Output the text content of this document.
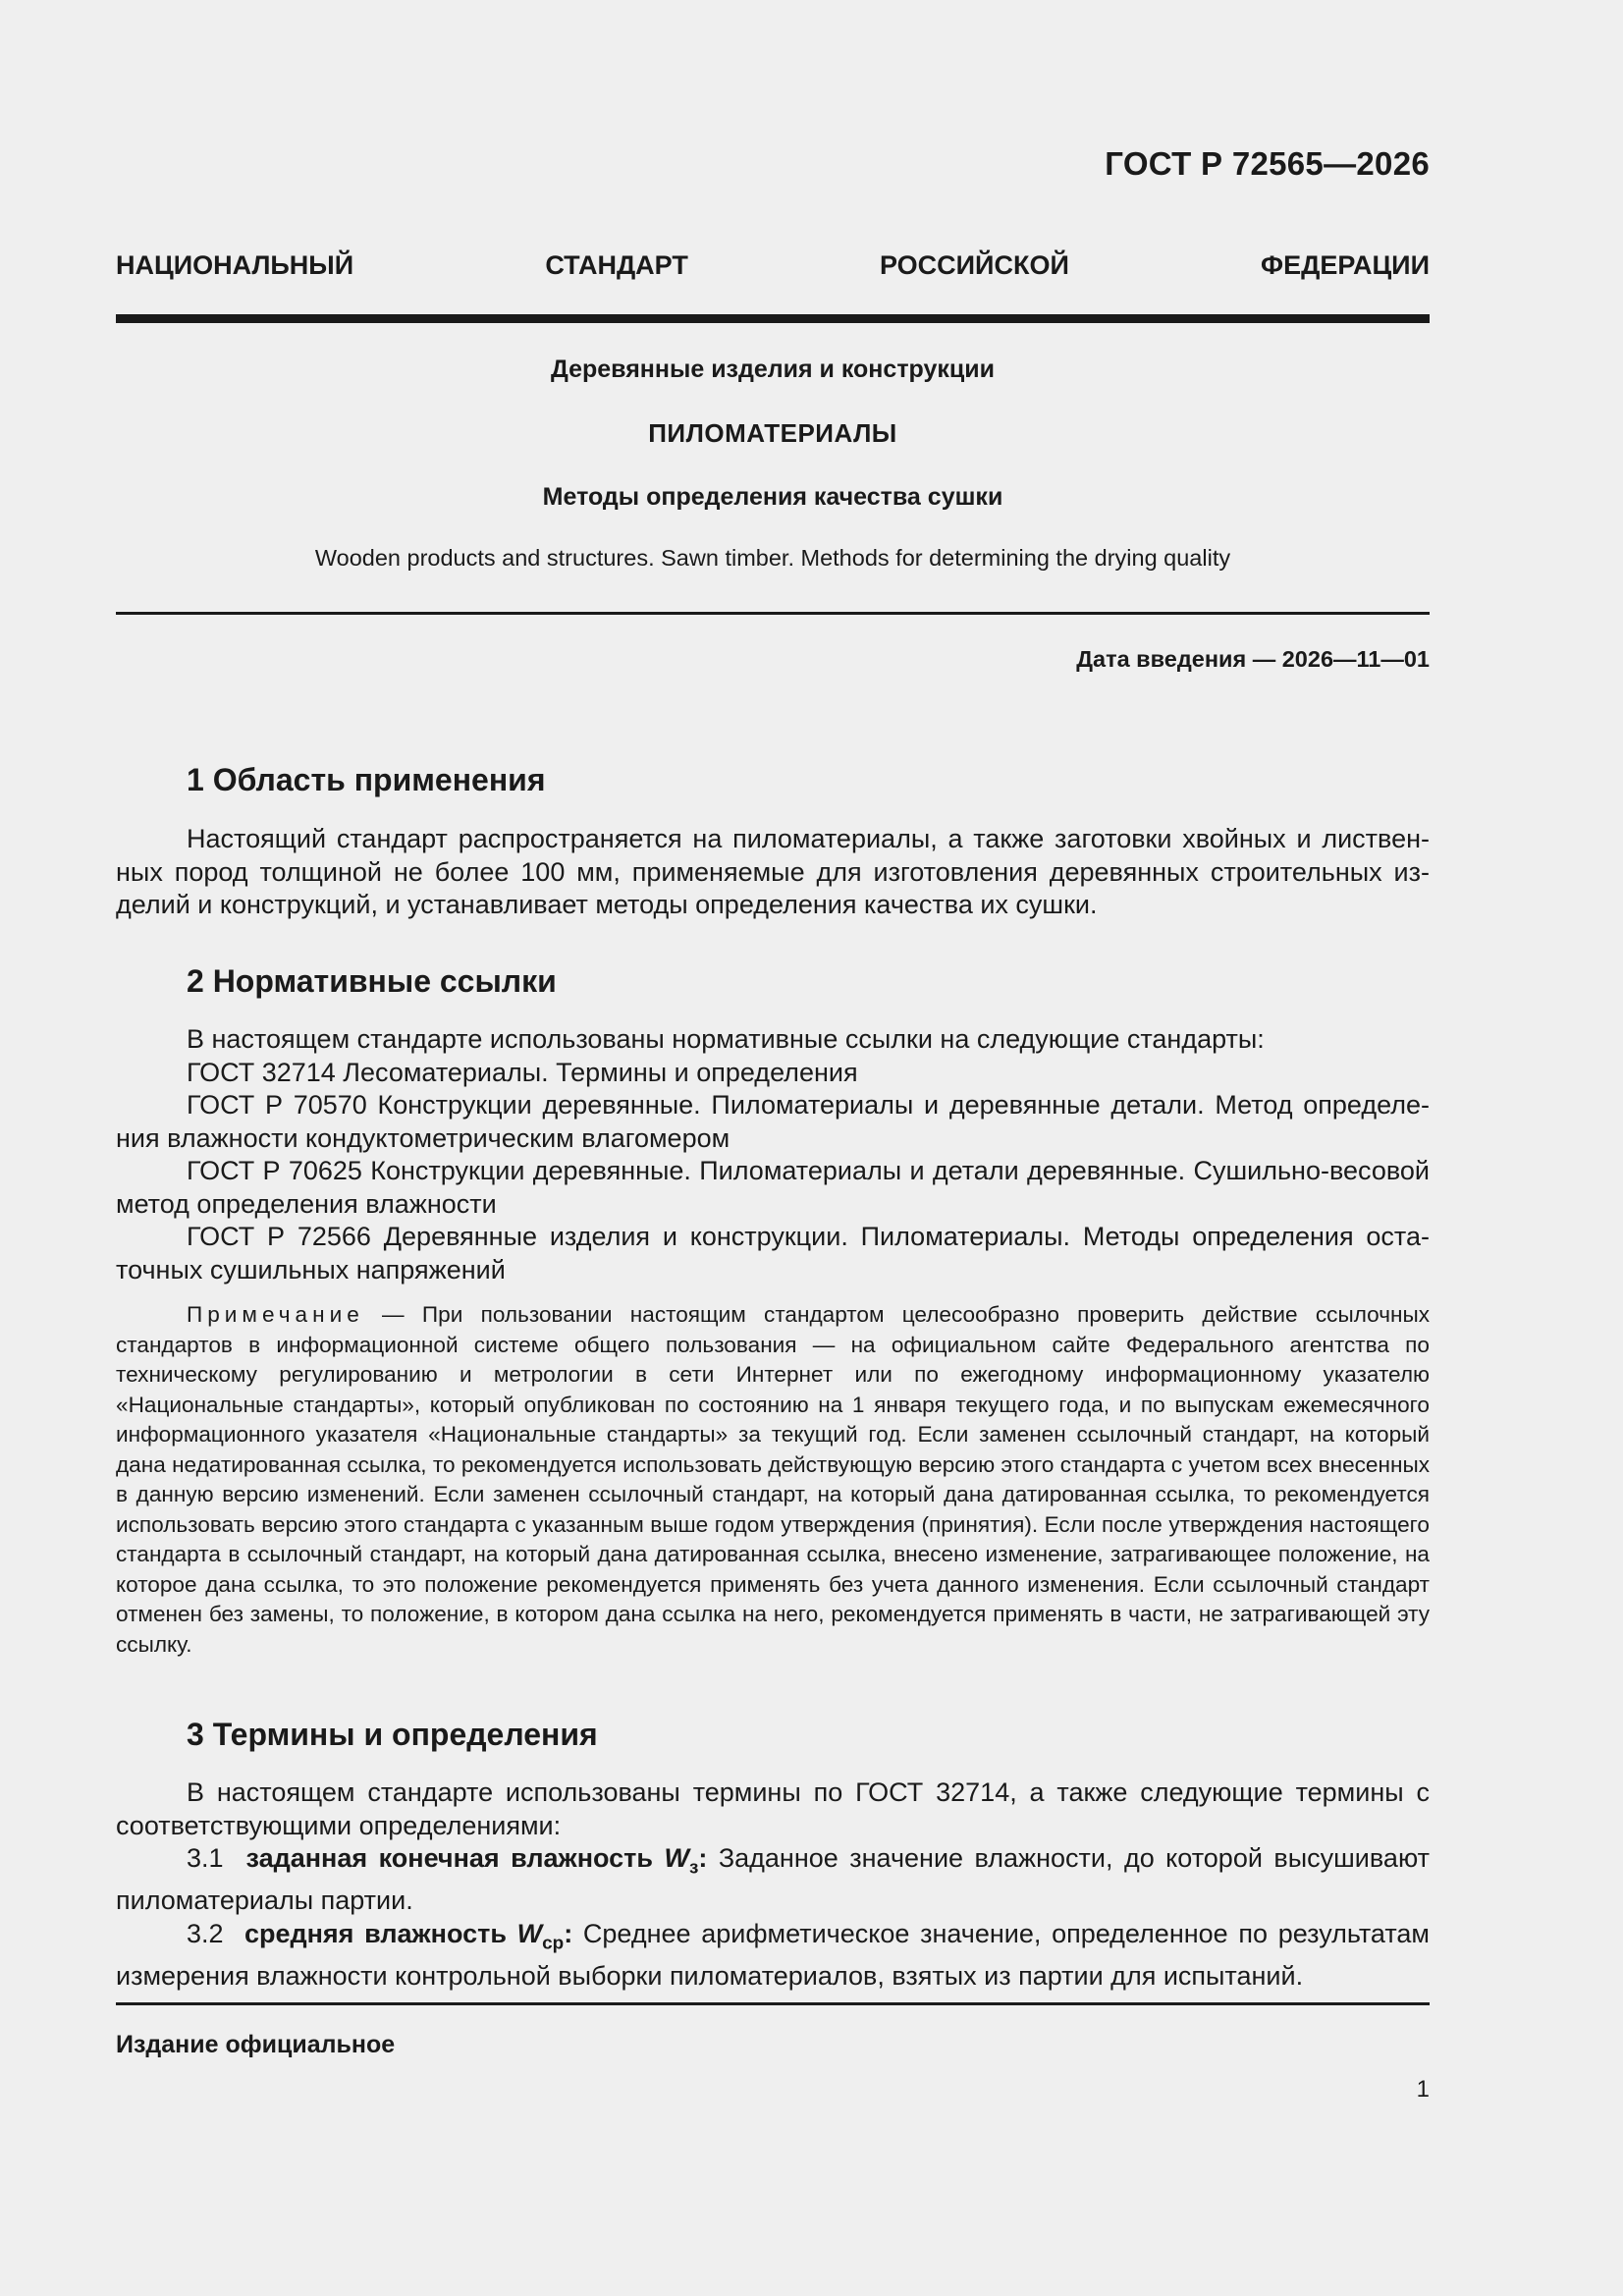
ГОСТ Р 72565—2026
НАЦИОНАЛЬНЫЙ	СТАНДАРТ	РОССИЙСКОЙ	ФЕДЕРАЦИИ
Деревянные изделия и конструкции
ПИЛОМАТЕРИАЛЫ
Методы определения качества сушки
Wooden products and structures. Sawn timber. Methods for determining the drying quality
Дата введения — 2026—11—01
1 Область применения
Настоящий стандарт распространяется на пиломатериалы, а также заготовки хвойных и лиственных пород толщиной не более 100 мм, применяемые для изготовления деревянных строительных изделий и конструкций, и устанавливает методы определения качества их сушки.
2 Нормативные ссылки
В настоящем стандарте использованы нормативные ссылки на следующие стандарты:
ГОСТ 32714 Лесоматериалы. Термины и определения
ГОСТ Р 70570 Конструкции деревянные. Пиломатериалы и деревянные детали. Метод определения влажности кондуктометрическим влагомером
ГОСТ Р 70625 Конструкции деревянные. Пиломатериалы и детали деревянные. Сушильно-весовой метод определения влажности
ГОСТ Р 72566 Деревянные изделия и конструкции. Пиломатериалы. Методы определения остаточных сушильных напряжений
Примечание — При пользовании настоящим стандартом целесообразно проверить действие ссылочных стандартов в информационной системе общего пользования — на официальном сайте Федерального агентства по техническому регулированию и метрологии в сети Интернет или по ежегодному информационному указателю «Национальные стандарты», который опубликован по состоянию на 1 января текущего года, и по выпускам ежемесячного информационного указателя «Национальные стандарты» за текущий год. Если заменен ссылочный стандарт, на который дана недатированная ссылка, то рекомендуется использовать действующую версию этого стандарта с учетом всех внесенных в данную версию изменений. Если заменен ссылочный стандарт, на который дана датированная ссылка, то рекомендуется использовать версию этого стандарта с указанным выше годом утверждения (принятия). Если после утверждения настоящего стандарта в ссылочный стандарт, на который дана датированная ссылка, внесено изменение, затрагивающее положение, на которое дана ссылка, то это положение рекомендуется применять без учета данного изменения. Если ссылочный стандарт отменен без замены, то положение, в котором дана ссылка на него, рекомендуется применять в части, не затрагивающей эту ссылку.
3 Термины и определения
В настоящем стандарте использованы термины по ГОСТ 32714, а также следующие термины с соответствующими определениями:
3.1 заданная конечная влажность $W_з$: Заданное значение влажности, до которой высушивают пиломатериалы партии.
3.2 средняя влажность $W_{ср}$: Среднее арифметическое значение, определенное по результатам измерения влажности контрольной выборки пиломатериалов, взятых из партии для испытаний.
Издание официальное
1
